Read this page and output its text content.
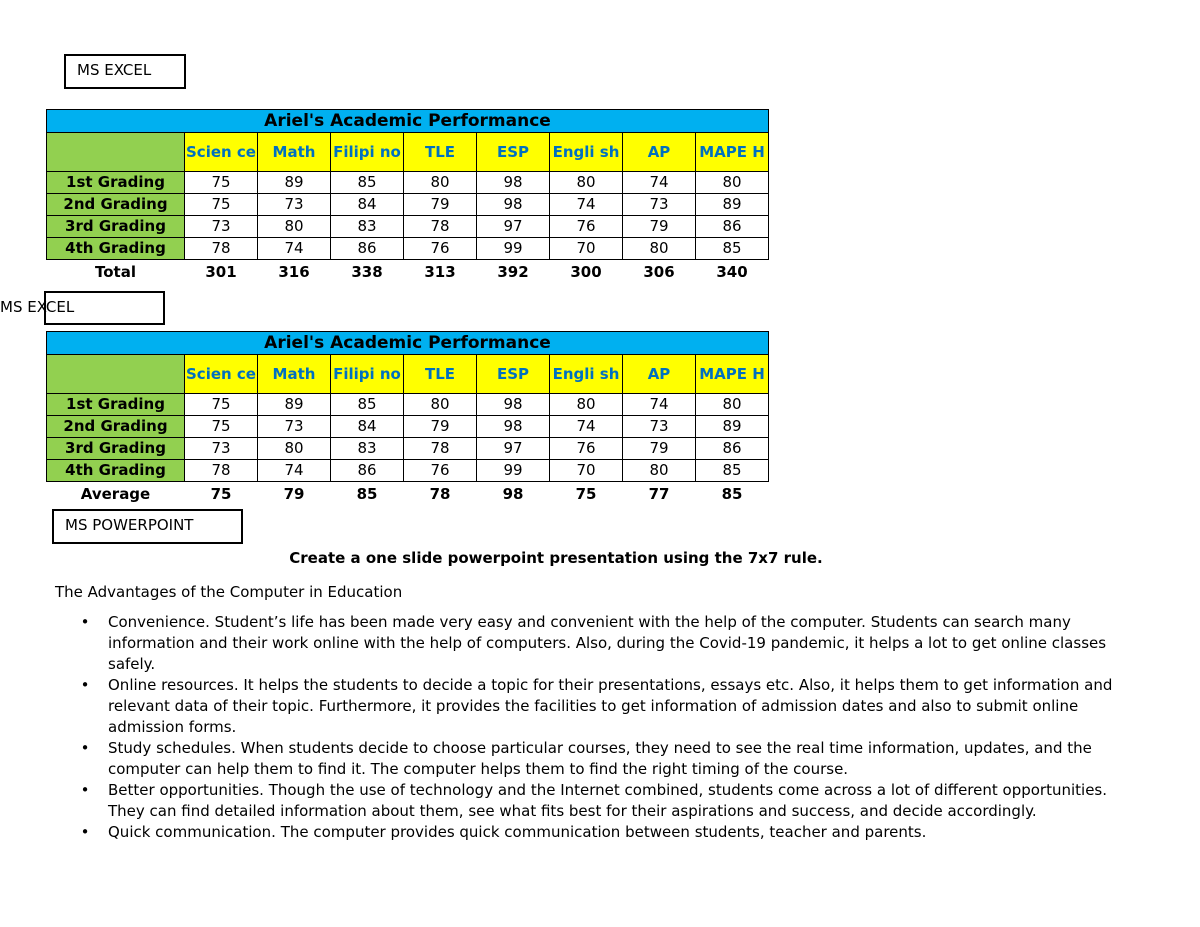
MS EXCEL
Ariel's Academic Performance								
	Scien ce	Math	Filipi no	TLE	ESP	Engli sh	AP	MAPE H
1st Grading	75	89	85	80	98	80	74	80
2nd Grading	75	73	84	79	98	74	73	89
3rd Grading	73	80	83	78	97	76	79	86
4th Grading	78	74	86	76	99	70	80	85
Total	301	316	338	313	392	300	306	340
MS EXCEL
Ariel's Academic Performance								
	Scien ce	Math	Filipi no	TLE	ESP	Engli sh	AP	MAPE H
1st Grading	75	89	85	80	98	80	74	80
2nd Grading	75	73	84	79	98	74	73	89
3rd Grading	73	80	83	78	97	76	79	86
4th Grading	78	74	86	76	99	70	80	85
Average	75	79	85	78	98	75	77	85
MS POWERPOINT
Create a one slide powerpoint presentation using the 7x7 rule.
The Advantages of the Computer in Education
• Convenience. Student’s life has been made very easy and convenient with the help of the computer. Students can search many information and their work online with the help of computers. Also, during the Covid-19 pandemic, it helps a lot to get online classes safely.
• Online resources. It helps the students to decide a topic for their presentations, essays etc. Also, it helps them to get information and relevant data of their topic. Furthermore, it provides the facilities to get information of admission dates and also to submit online admission forms.
• Study schedules. When students decide to choose particular courses, they need to see the real time information, updates, and the computer can help them to find it. The computer helps them to find the right timing of the course.
• Better opportunities. Though the use of technology and the Internet combined, students come across a lot of different opportunities. They can find detailed information about them, see what fits best for their aspirations and success, and decide accordingly.
• Quick communication. The computer provides quick communication between students, teacher and parents.
